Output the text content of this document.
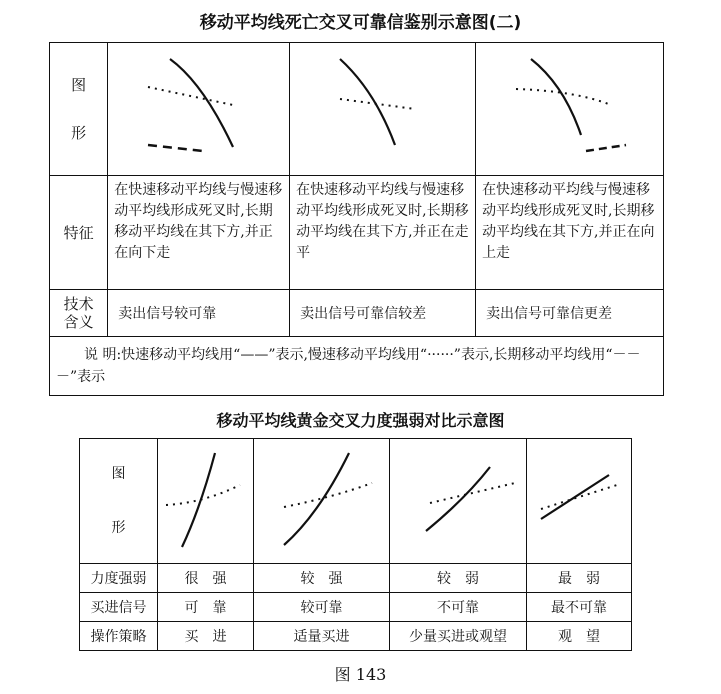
移动平均线死亡交叉可靠信鉴别示意图(二)
图
形

特征	在快速移动平均线与慢速移动平均线形成死叉时,长期移动平均线在其下方,并正在向下走	在快速移动平均线与慢速移动平均线形成死叉时,长期移动平均线在其下方,并正在走平	在快速移动平均线与慢速移动平均线形成死叉时,长期移动平均线在其下方,并正在向上走

技术
含义	卖出信号较可靠	卖出信号可靠信较差	卖出信号可靠信更差
说 明:快速移动平均线用“——”表示,慢速移动平均线用“······”表示,长期移动平均线用“－－－”表示			
移动平均线黄金交叉力度强弱对比示意图
图
形

力度强弱	很　强	较　强	较　弱	最　弱
买进信号	可　靠	较可靠	不可靠	最不可靠
操作策略	买　进	适量买进	少量买进或观望	观　望
图 143
